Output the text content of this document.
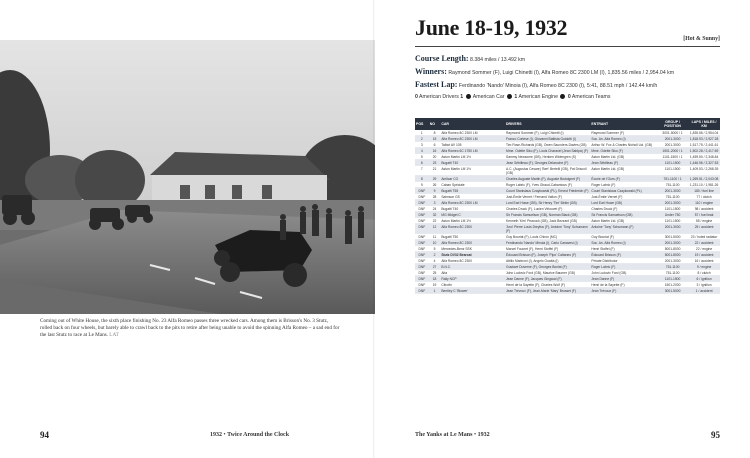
Coming out of White House, the sixth place finishing No. 23 Alfa Romeo passes three wrecked cars. Among them is Brisson's No. 3 Stutz, rolled back on four wheels, but barely able to crawl back to the pits to retire after being unable to avoid the spinning Alfa Romeo – a sad end for the last Stutz to race at Le Mans. LAT
94	1932 • Twice Around the Clock
June 18-19, 1932	[Hot & Sunny]
Course Length: 8.384 miles / 13.492 km
Winners: Raymond Sommer (F), Luigi Chinetti (I), Alfa Romeo 8C 2300 LM (I), 1,835.56 miles / 2,954.04 km
Fastest Lap: Ferdinando 'Nando' Minoia (I), Alfa Romeo 8C 2300 (I), 5:41, 88.51 mph / 142.44 km/h
0 American Drivers 1 American Car 1 American Engine 0 American Teams
POS	NO	CAR	DRIVERS	ENTRANT	GROUP / POSITION	LAPS / MILES / KM
1	8	Alfa Romeo 8C 2300 LM	Raymond Sommer (F), Luigi Chinetti (I)	Raymond Sommer (F)	3001-5000 / 1	1,835.56 / 2,954.04
2	15	Alfa Romeo 8C 2300 LM	Franco Cortese (I), Giovanni Battista Guidotti (I)	Soc. An. Alfa Romeo (I)	2001-3000	1,818.93 / 2,927.28
3	6	Talbot AV 105	Tim Rose-Richards (GB), Owen Saunders-Davies (GB)	Arthur W. Fox & Charles Nicholl Ltd. (GB)	2001-3000	1,517.75 / 2,441.61
4	16	Alfa Romeo 6C 1750 LM	Mme. Odette Siko (F), Louis Charavel (Jean Sabipa) (F)	Mme. Odette Siko (F)	1501-2000 / 1	1,502.28 / 2,417.69
5	20	Aston Martin LM 1½	Sammy Newsome (GB), Henken Widengren (S)	Aston Martin Ltd. (GB)	1101-1500 / 1	1,459.50 / 2,348.84
6	23	Bugatti T40	Jean Sébilleau (F), Georges Delaroche (F)	Jean Sébilleau (F)	1101-1500	1,446.96 / 2,327.53
7	21	Aston Martin LM 1½	A.C. (Augustus Cesare) 'Bert' Bertelli (GB), Pat Driscoll (GB)	Aston Martin Ltd. (GB)	1101-1500	1,409.53 / 2,268.39
8	29	Amilcar CO	Charles Auguste Martin (F), Auguste Bodoignet (F)	Écurie de l'Ours (F)	751-1100 / 1	1,269.51 / 2,043.08
9	26	Caban Spéciale	Roger Labric (F), Yves Giraud-Cabantous (F)	Roger Labric (F)	751-1100	1,231.10 / 1,981.26
DNF	9	Bugatti T55	Count Stanislaus Czaykowski (PL), Ernest Friederich (F)	Count Stanislaus Czaykowski (PL)	2001-3000	180 / fuel line
DNF	28	Salmson GS	Just-Émile Vernet / Fernand Vallon (F)	Just-Émile Vernet (F)	751-1100	77 / clutch
DNF	3	Alfa Romeo 8C 2300 LM	Lord Earl Howe (GB), Sir Henry 'Tim' Birkin (GB)	Lord Earl Howe (GB)	2001-3000	110 / engine
DNF	24	Bugatti T40	Charles Druck (F), Lucien Virlouvet (F)	Charles Druck (F)	1101-1500	98 / accident
DNF	32	MG Midget C	Sir Francis Samuelson (GB), Norman Black (GB)	Sir Francis Samuelson (GB)	Under 750	57 / fuel leak
DNF	22	Aston Martin LM 1½	Kenneth 'Kim' Peacock (GB), Jack Bezzant (GB)	Aston Martin Ltd. (GB)	1101-1500	55 / engine
DNF	12	Alfa Romeo 8C 2300	'Ano' Pierre Louis Dreyfus (F), Antoine 'Tony' Schumann (F)	Antoine 'Tony' Schumann (F)	2001-3000	25 / accident
DNF	11	Bugatti T50	Guy Bouriat (F), Louis Chiron (MC)	Guy Bouriat (F)	3001-5000	23 / holed radiator
DNF	10	Alfa Romeo 8C 2300	Ferdinando 'Nando' Minoia (I), Carlo Canavesi (I)	Soc. An. Alfa Romeo (I)	2001-3000	22 / accident
DNF	5	Mercedes-Benz SSK	Marcel Foucret (F), Henri Stoffel (F)	Henri Stoffel (F)	5001-8000	22 / engine
DNF	2	Stutz DV32 Bearcat	Édouard Brisson (F), Joseph 'Pipo' Cattaneo (F)	Édouard Brisson (F)	5001-8000	19 / accident
DNF	4	Alfa Romeo 8C 2300	Attilio Marinoni (I), Angelo Guatta (I)	Private Distributor	2001-3000	16 / accident
DNF	27	B.N.C.	Gustave Duverne (F), Georges Bonlat (F)	Roger Labric (F)	751-1100	9 / engine
DNF	25	Alta	John Ludovic Ford (GB), Maurice Baumer (GB)	John Ludovic Ford (GB)	751-1100	8 / clutch
DNF	18	Rally NCP	Jean Danne (F), Jacques Gingaud (F)	Jean Danne (F)	1101-1500	6 / ignition
DNF	19	Citroën	Henri de la Sayette (F), Charles Wolf (F)	Henri de la Sayette (F)	1501-2000	3 / ignition
DNF	1	Bentley C 'Blower'	Jean Trévoux (F), Jean-Marie 'Mary' Brusset (F)	Jean Trévoux (F)	3001-5000	1 / accident
The Yanks at Le Mans • 1932	95
